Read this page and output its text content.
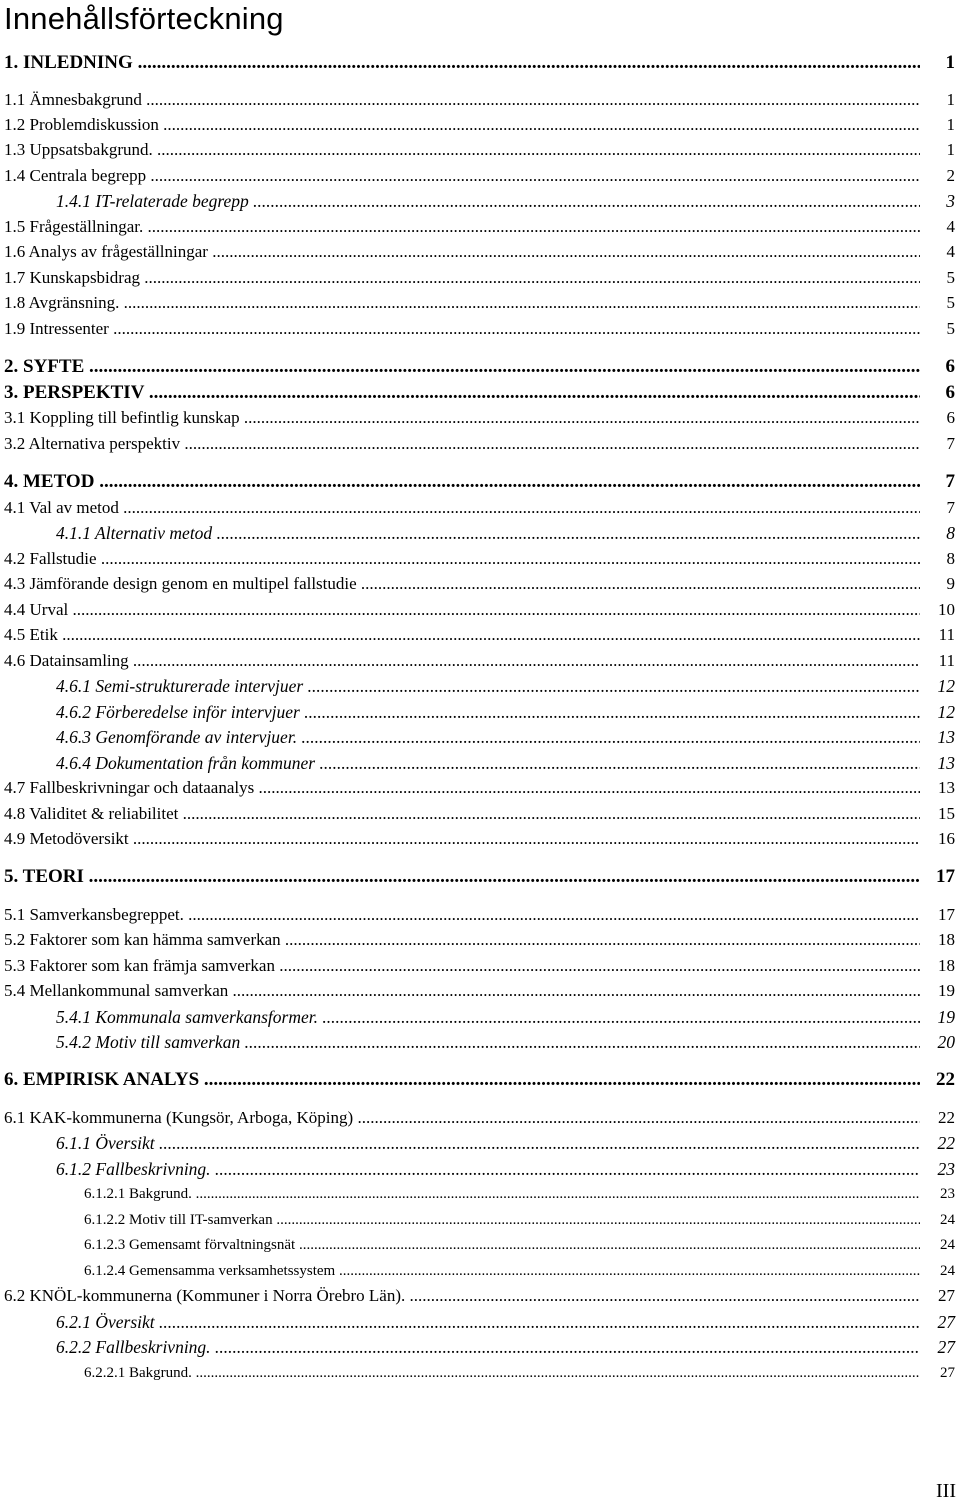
Innehållsförteckning
1. INLEDNING .....	1
1.1 Ämnesbakgrund .....	1
1.2 Problemdiskussion .....	1
1.3 Uppsatsbakgrund. .....	1
1.4 Centrala begrepp .....	2
1.4.1 IT-relaterade begrepp .....	3
1.5 Frågeställningar. .....	4
1.6 Analys av frågeställningar .....	4
1.7 Kunskapsbidrag .....	5
1.8 Avgränsning. .....	5
1.9 Intressenter .....	5
2. SYFTE .....	6
3. PERSPEKTIV .....	6
3.1 Koppling till befintlig kunskap .....	6
3.2 Alternativa perspektiv .....	7
4. METOD .....	7
4.1 Val av metod .....	7
4.1.1 Alternativ metod .....	8
4.2 Fallstudie .....	8
4.3 Jämförande design genom en multipel fallstudie .....	9
4.4 Urval .....	10
4.5 Etik .....	11
4.6 Datainsamling .....	11
4.6.1 Semi-strukturerade intervjuer .....	12
4.6.2 Förberedelse inför intervjuer .....	12
4.6.3 Genomförande av intervjuer. .....	13
4.6.4 Dokumentation från kommuner .....	13
4.7 Fallbeskrivningar och dataanalys .....	13
4.8 Validitet & reliabilitet .....	15
4.9 Metodöversikt .....	16
5. TEORI .....	17
5.1 Samverkansbegreppet. .....	17
5.2 Faktorer som kan hämma samverkan .....	18
5.3 Faktorer som kan främja samverkan .....	18
5.4 Mellankommunal samverkan .....	19
5.4.1 Kommunala samverkansformer. .....	19
5.4.2 Motiv till samverkan .....	20
6. EMPIRISK ANALYS .....	22
6.1 KAK-kommunerna (Kungsör, Arboga, Köping) .....	22
6.1.1 Översikt .....	22
6.1.2 Fallbeskrivning. .....	23
6.1.2.1 Bakgrund. .....	23
6.1.2.2 Motiv till IT-samverkan .....	24
6.1.2.3 Gemensamt förvaltningsnät .....	24
6.1.2.4 Gemensamma verksamhetssystem .....	24
6.2 KNÖL-kommunerna (Kommuner i Norra Örebro Län). .....	27
6.2.1 Översikt .....	27
6.2.2 Fallbeskrivning. .....	27
6.2.2.1 Bakgrund. .....	27
III
